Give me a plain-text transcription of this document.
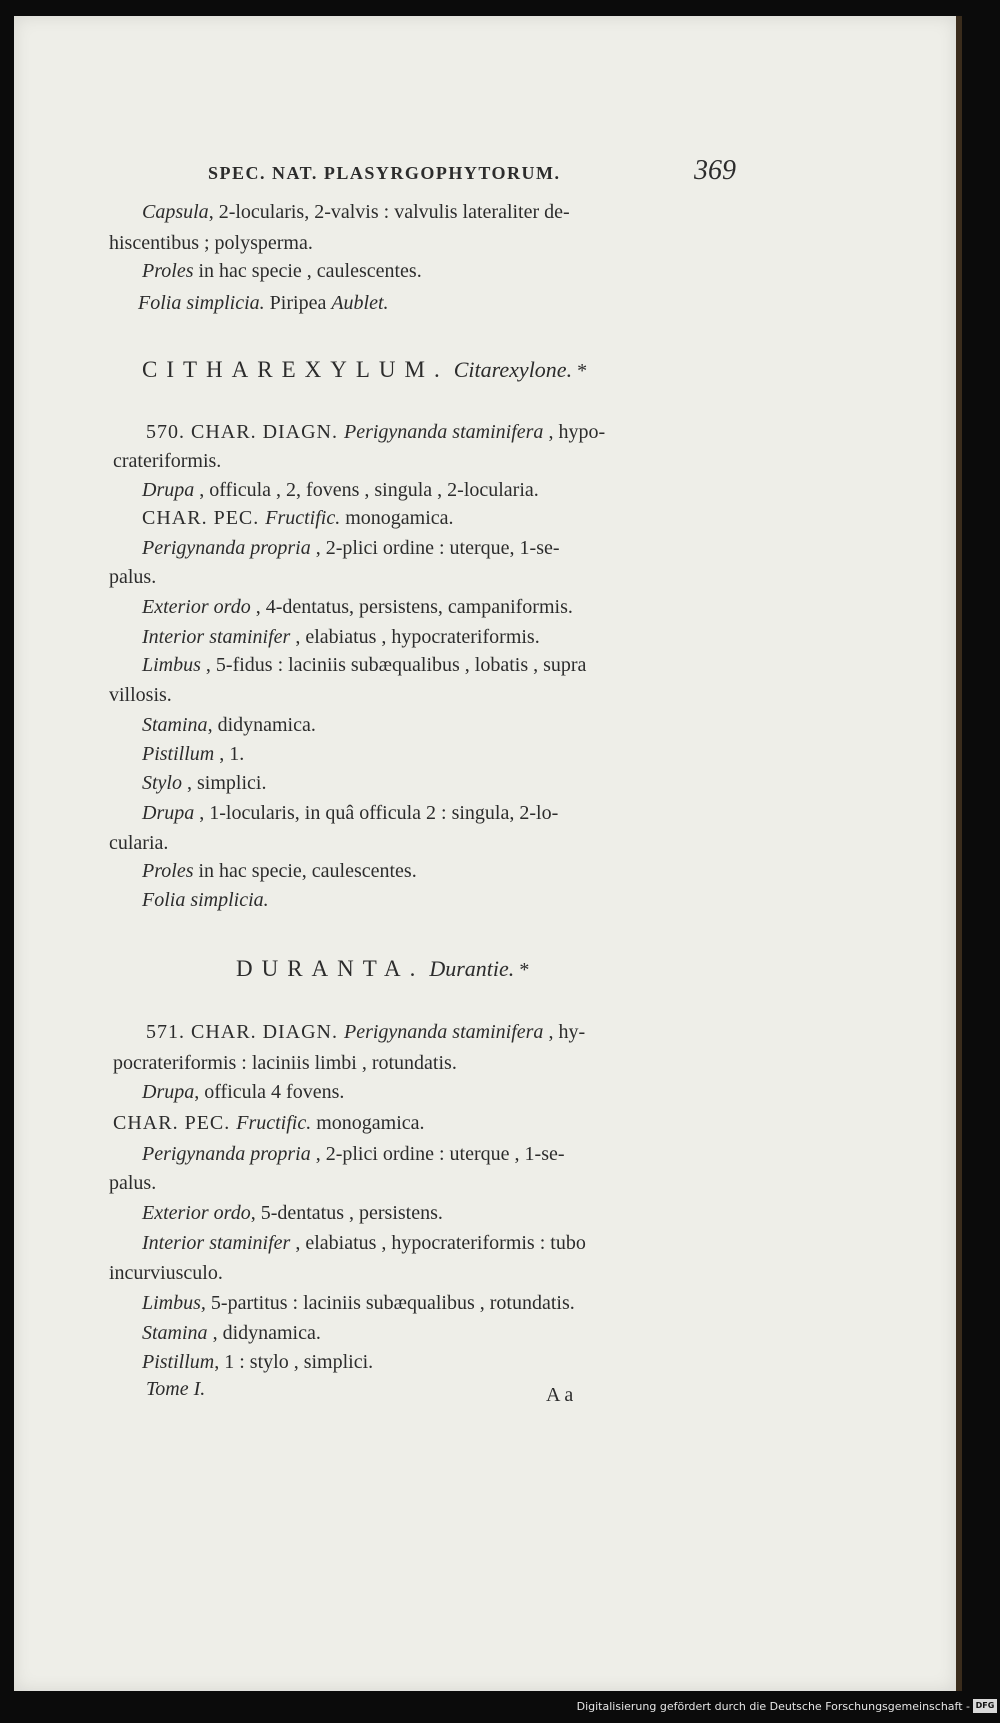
SPEC. NAT. PLASYRGOPHYTORUM.	369
Capsula, 2-locularis, 2-valvis : valvulis lateraliter de-
hiscentibus ; polysperma.
Proles in hac specie , caulescentes.
Folia simplicia. Piripea Aublet.
CITHAREXYLUM. Citarexylone. *
570. CHAR. DIAGN. Perigynanda staminifera , hypo-
crateriformis.
Drupa , officula , 2, fovens , singula , 2-locularia.
CHAR. PEC. Fructific. monogamica.
Perigynanda propria , 2-plici ordine : uterque, 1-se-
palus.
Exterior ordo , 4-dentatus, persistens, campaniformis.
Interior staminifer , elabiatus , hypocrateriformis.
Limbus , 5-fidus : laciniis subæqualibus , lobatis , supra
villosis.
Stamina, didynamica.
Pistillum , 1.
Stylo , simplici.
Drupa , 1-locularis, in quâ officula 2 : singula, 2-lo-
cularia.
Proles in hac specie, caulescentes.
Folia simplicia.
DURANTA. Durantie. *
571. CHAR. DIAGN. Perigynanda staminifera , hy-
pocrateriformis : laciniis limbi , rotundatis.
Drupa, officula 4 fovens.
CHAR. PEC. Fructific. monogamica.
Perigynanda propria , 2-plici ordine : uterque , 1-se-
palus.
Exterior ordo, 5-dentatus , persistens.
Interior staminifer , elabiatus , hypocrateriformis : tubo
incurviusculo.
Limbus, 5-partitus : laciniis subæqualibus , rotundatis.
Stamina , didynamica.
Pistillum, 1 : stylo , simplici.
Tome I.	A a
Digitalisierung gefördert durch die Deutsche Forschungsgemeinschaft - DFG
